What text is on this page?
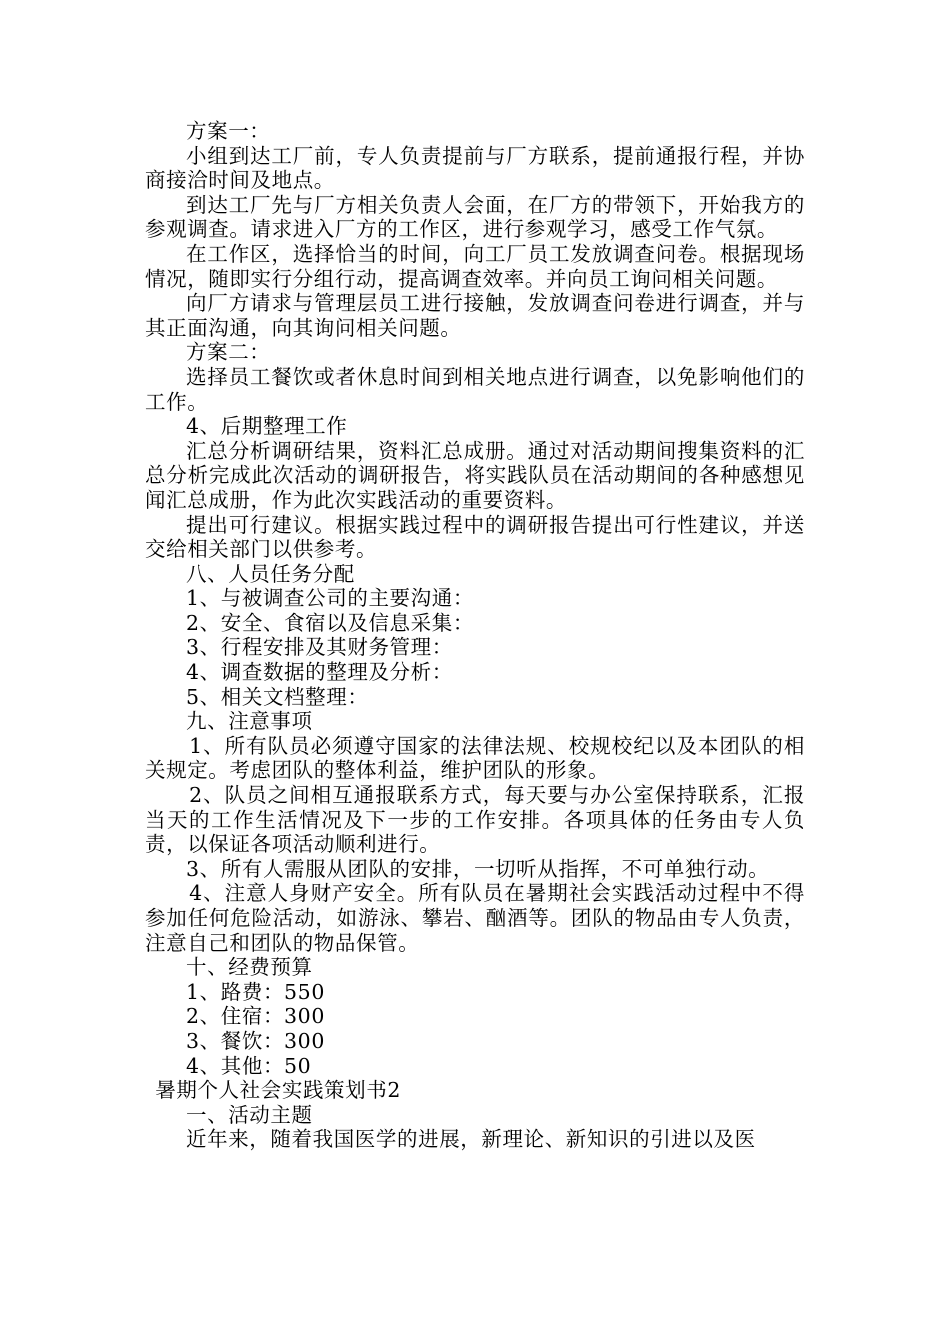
方案一：

小组到达工厂前，专人负责提前与厂方联系，提前通报行程，并协商接洽时间及地点。

到达工厂先与厂方相关负责人会面，在厂方的带领下，开始我方的参观调查。请求进入厂方的工作区，进行参观学习，感受工作气氛。

在工作区，选择恰当的时间，向工厂员工发放调查问卷。根据现场情况，随即实行分组行动，提高调查效率。并向员工询问相关问题。

向厂方请求与管理层员工进行接触，发放调查问卷进行调查，并与其正面沟通，向其询问相关问题。

方案二：

选择员工餐饮或者休息时间到相关地点进行调查，以免影响他们的工作。

4、后期整理工作

汇总分析调研结果，资料汇总成册。通过对活动期间搜集资料的汇总分析完成此次活动的调研报告，将实践队员在活动期间的各种感想见闻汇总成册，作为此次实践活动的重要资料。

提出可行建议。根据实践过程中的调研报告提出可行性建议，并送交给相关部门以供参考。

八、人员任务分配

1、与被调查公司的主要沟通：

2、安全、食宿以及信息采集：

3、行程安排及其财务管理：

4、调查数据的整理及分析：

5、相关文档整理：

九、注意事项

1、所有队员必须遵守国家的法律法规、校规校纪以及本团队的相关规定。考虑团队的整体利益，维护团队的形象。

2、队员之间相互通报联系方式，每天要与办公室保持联系，汇报当天的工作生活情况及下一步的工作安排。各项具体的任务由专人负责，以保证各项活动顺利进行。

3、所有人需服从团队的安排，一切听从指挥，不可单独行动。

4、注意人身财产安全。所有队员在暑期社会实践活动过程中不得参加任何危险活动，如游泳、攀岩、酗酒等。团队的物品由专人负责，注意自己和团队的物品保管。

十、经费预算

1、路费：550

2、住宿：300

3、餐饮：300

4、其他：50

暑期个人社会实践策划书2

一、活动主题

近年来，随着我国医学的进展，新理论、新知识的引进以及医
